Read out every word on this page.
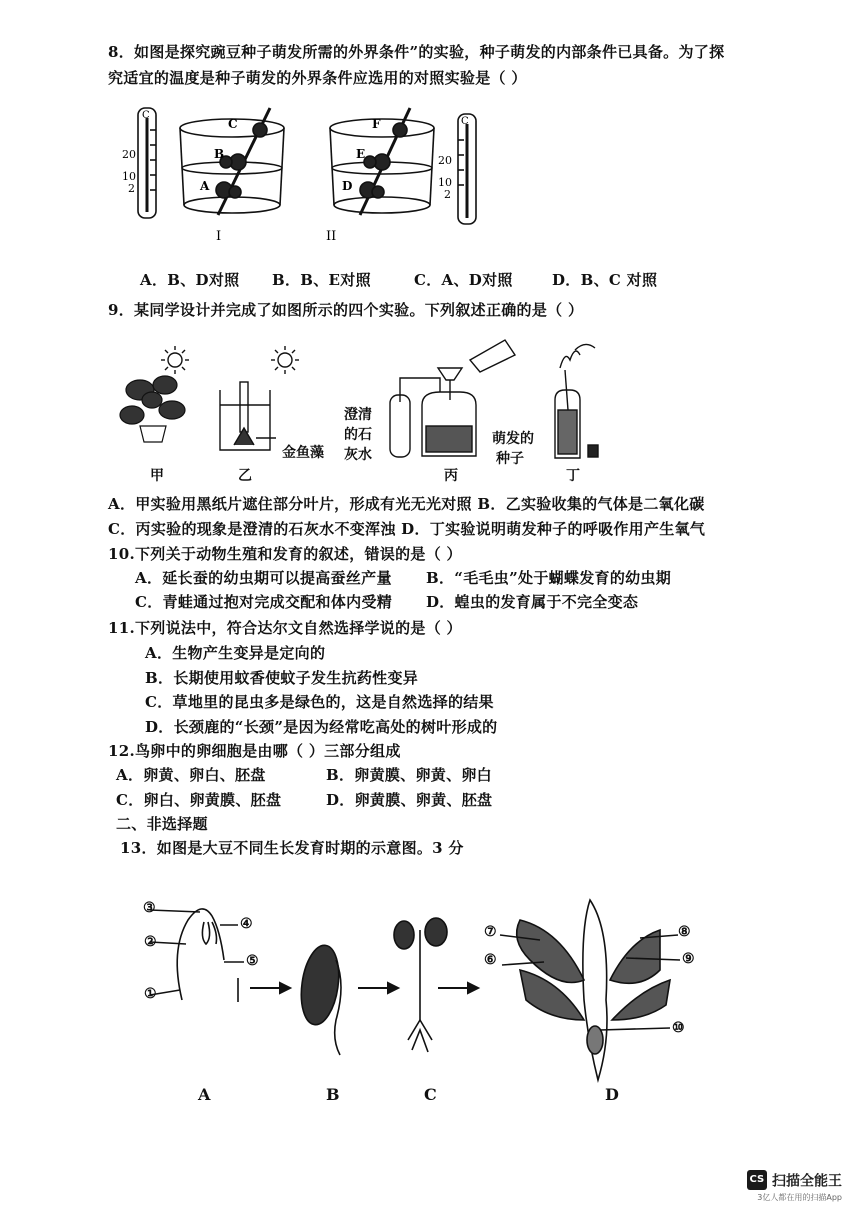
8．如图是探究豌豆种子萌发所需的外界条件”的实验，种子萌发的内部条件已具备。为了探
究适宜的温度是种子萌发的外界条件应选用的对照实验是（ ）
C
20
10
2
C
B
A
I
F
E
D
II
C
20
10
2
A．B、D对照 B．B、E对照	C．A、D对照	D．B、C 对照
9．某同学设计并完成了如图所示的四个实验。下列叙述正确的是（ ）
甲	乙	丙	丁
金鱼藻
澄清
的石
灰水
萌发的
种子
A．甲实验用黑纸片遮住部分叶片，形成有光无光对照 B．乙实验收集的气体是二氧化碳
C．丙实验的现象是澄清的石灰水不变浑浊 D．丁实验说明萌发种子的呼吸作用产生氧气
10.下列关于动物生殖和发育的叙述，错误的是（ ）
A．延长蚕的幼虫期可以提高蚕丝产量 B．“毛毛虫”处于蝴蝶发育的幼虫期
C．青蛙通过抱对完成交配和体内受精 D．蝗虫的发育属于不完全变态
11.下列说法中，符合达尔文自然选择学说的是（ ）
A．生物产生变异是定向的
B．长期使用蚊香使蚊子发生抗药性变异
C．草地里的昆虫多是绿色的，这是自然选择的结果
D．长颈鹿的“长颈”是因为经常吃高处的树叶形成的
12.鸟卵中的卵细胞是由哪（ ）三部分组成
A．卵黄、卵白、胚盘	B．卵黄膜、卵黄、卵白
C．卵白、卵黄膜、胚盘	D．卵黄膜、卵黄、胚盘
二、非选择题
13．如图是大豆不同生长发育时期的示意图。3 分
③
②
①
④
⑤	⑥
⑦	⑧
⑨
⑩
A	B	C	D
CS 扫描全能王
3亿人都在用的扫描App
